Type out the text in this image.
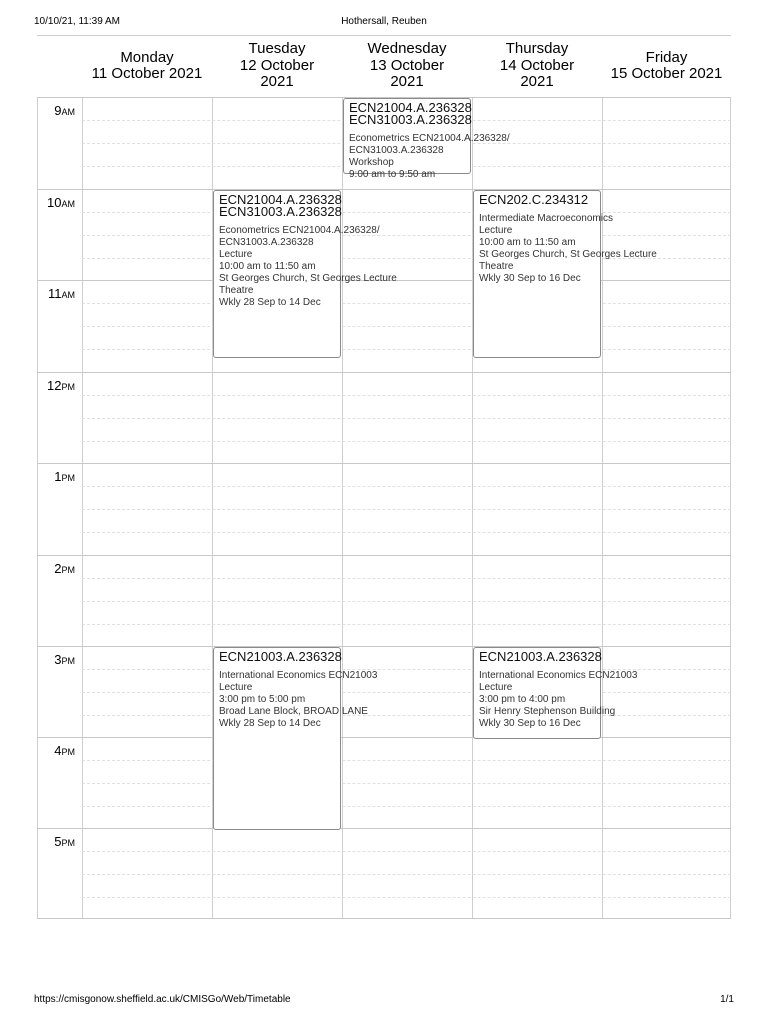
10/10/21, 11:39 AM	Hothersall, Reuben
Monday
11 October 2021
Tuesday
12 October 2021
Wednesday
13 October 2021
Thursday
14 October 2021
Friday
15 October 2021
9AM
10AM
11AM
12PM
1PM
2PM
3PM
4PM
5PM
ECN21004.A.236328
ECN31003.A.236328
Econometrics ECN21004.A.236328/
ECN31003.A.236328
Workshop
9:00 am to 9:50 am
ECN21004.A.236328
ECN31003.A.236328
Econometrics ECN21004.A.236328/
ECN31003.A.236328
Lecture
10:00 am to 11:50 am
St Georges Church, St Georges Lecture
Theatre
Wkly 28 Sep to 14 Dec
ECN202.C.234312
Intermediate Macroeconomics
Lecture
10:00 am to 11:50 am
St Georges Church, St Georges Lecture
Theatre
Wkly 30 Sep to 16 Dec
ECN21003.A.236328
International Economics ECN21003
Lecture
3:00 pm to 5:00 pm
Broad Lane Block, BROAD LANE
Wkly 28 Sep to 14 Dec
ECN21003.A.236328
International Economics ECN21003
Lecture
3:00 pm to 4:00 pm
Sir Henry Stephenson Building
Wkly 30 Sep to 16 Dec
https://cmisgonow.sheffield.ac.uk/CMISGo/Web/Timetable	1/1
